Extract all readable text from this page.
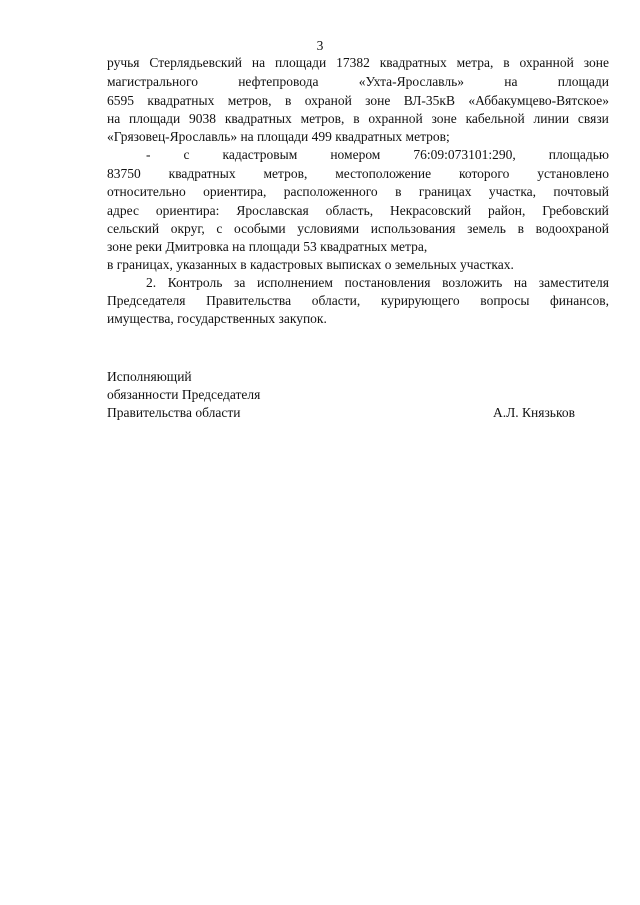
3
ручья Стерлядьевский на площади 17382 квадратных метра, в охранной зоне
магистрального	нефтепровода	«Ухта-Ярославль»	на	площади
6595 квадратных метров, в охраной зоне ВЛ-35кВ «Аббакумцево-Вятское»
на площади 9038 квадратных метров, в охранной зоне кабельной линии связи
«Грязовец-Ярославль» на площади 499 квадратных метров;
- с кадастровым номером 76:09:073101:290, площадью
83750 квадратных метров, местоположение которого установлено
относительно ориентира, расположенного в границах участка, почтовый
адрес ориентира: Ярославская область, Некрасовский район, Гребовский
сельский округ, с особыми условиями использования земель в водоохраной
зоне реки Дмитровка на площади 53 квадратных метра,
в границах, указанных в кадастровых выписках о земельных участках.
2. Контроль за исполнением постановления возложить на заместителя
Председателя Правительства области, курирующего вопросы финансов,
имущества, государственных закупок.
Исполняющий
обязанности Председателя
Правительства области	А.Л. Князьков
